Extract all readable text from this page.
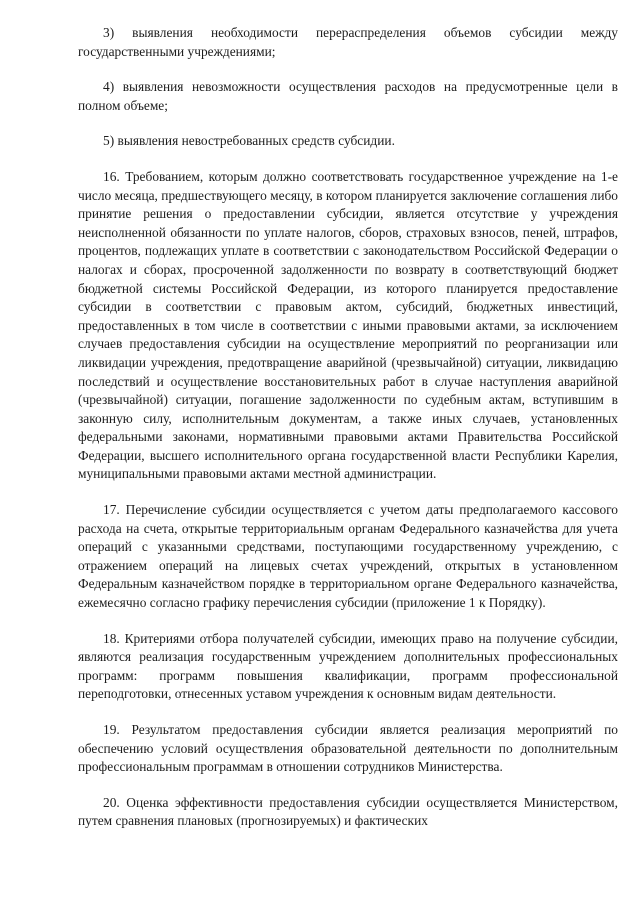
3) выявления необходимости перераспределения объемов субсидии между государственными учреждениями;

4) выявления невозможности осуществления расходов на предусмотренные цели в полном объеме;

5) выявления невостребованных средств субсидии.

16. Требованием, которым должно соответствовать государственное учреждение на 1-е число месяца, предшествующего месяцу, в котором планируется заключение соглашения либо принятие решения о предоставлении субсидии, является отсутствие у учреждения неисполненной обязанности по уплате налогов, сборов, страховых взносов, пеней, штрафов, процентов, подлежащих уплате в соответствии с законодательством Российской Федерации о налогах и сборах, просроченной задолженности по возврату в соответствующий бюджет бюджетной системы Российской Федерации, из которого планируется предоставление субсидии в соответствии с правовым актом, субсидий, бюджетных инвестиций, предоставленных в том числе в соответствии с иными правовыми актами, за исключением случаев предоставления субсидии на осуществление мероприятий по реорганизации или ликвидации учреждения, предотвращение аварийной (чрезвычайной) ситуации, ликвидацию последствий и осуществление восстановительных работ в случае наступления аварийной (чрезвычайной) ситуации, погашение задолженности по судебным актам, вступившим в законную силу, исполнительным документам, а также иных случаев, установленных федеральными законами, нормативными правовыми актами Правительства Российской Федерации, высшего исполнительного органа государственной власти Республики Карелия, муниципальными правовыми актами местной администрации.

17. Перечисление субсидии осуществляется с учетом даты предполагаемого кассового расхода на счета, открытые территориальным органам Федерального казначейства для учета операций с указанными средствами, поступающими государственному учреждению, с отражением операций на лицевых счетах учреждений, открытых в установленном Федеральным казначейством порядке в территориальном органе Федерального казначейства, ежемесячно согласно графику перечисления субсидии (приложение 1 к Порядку).

18. Критериями отбора получателей субсидии, имеющих право на получение субсидии, являются реализация государственным учреждением дополнительных профессиональных программ: программ повышения квалификации, программ профессиональной переподготовки, отнесенных уставом учреждения к основным видам деятельности.

19. Результатом предоставления субсидии является реализация мероприятий по обеспечению условий осуществления образовательной деятельности по дополнительным профессиональным программам в отношении сотрудников Министерства.

20. Оценка эффективности предоставления субсидии осуществляется Министерством, путем сравнения плановых (прогнозируемых) и фактических
